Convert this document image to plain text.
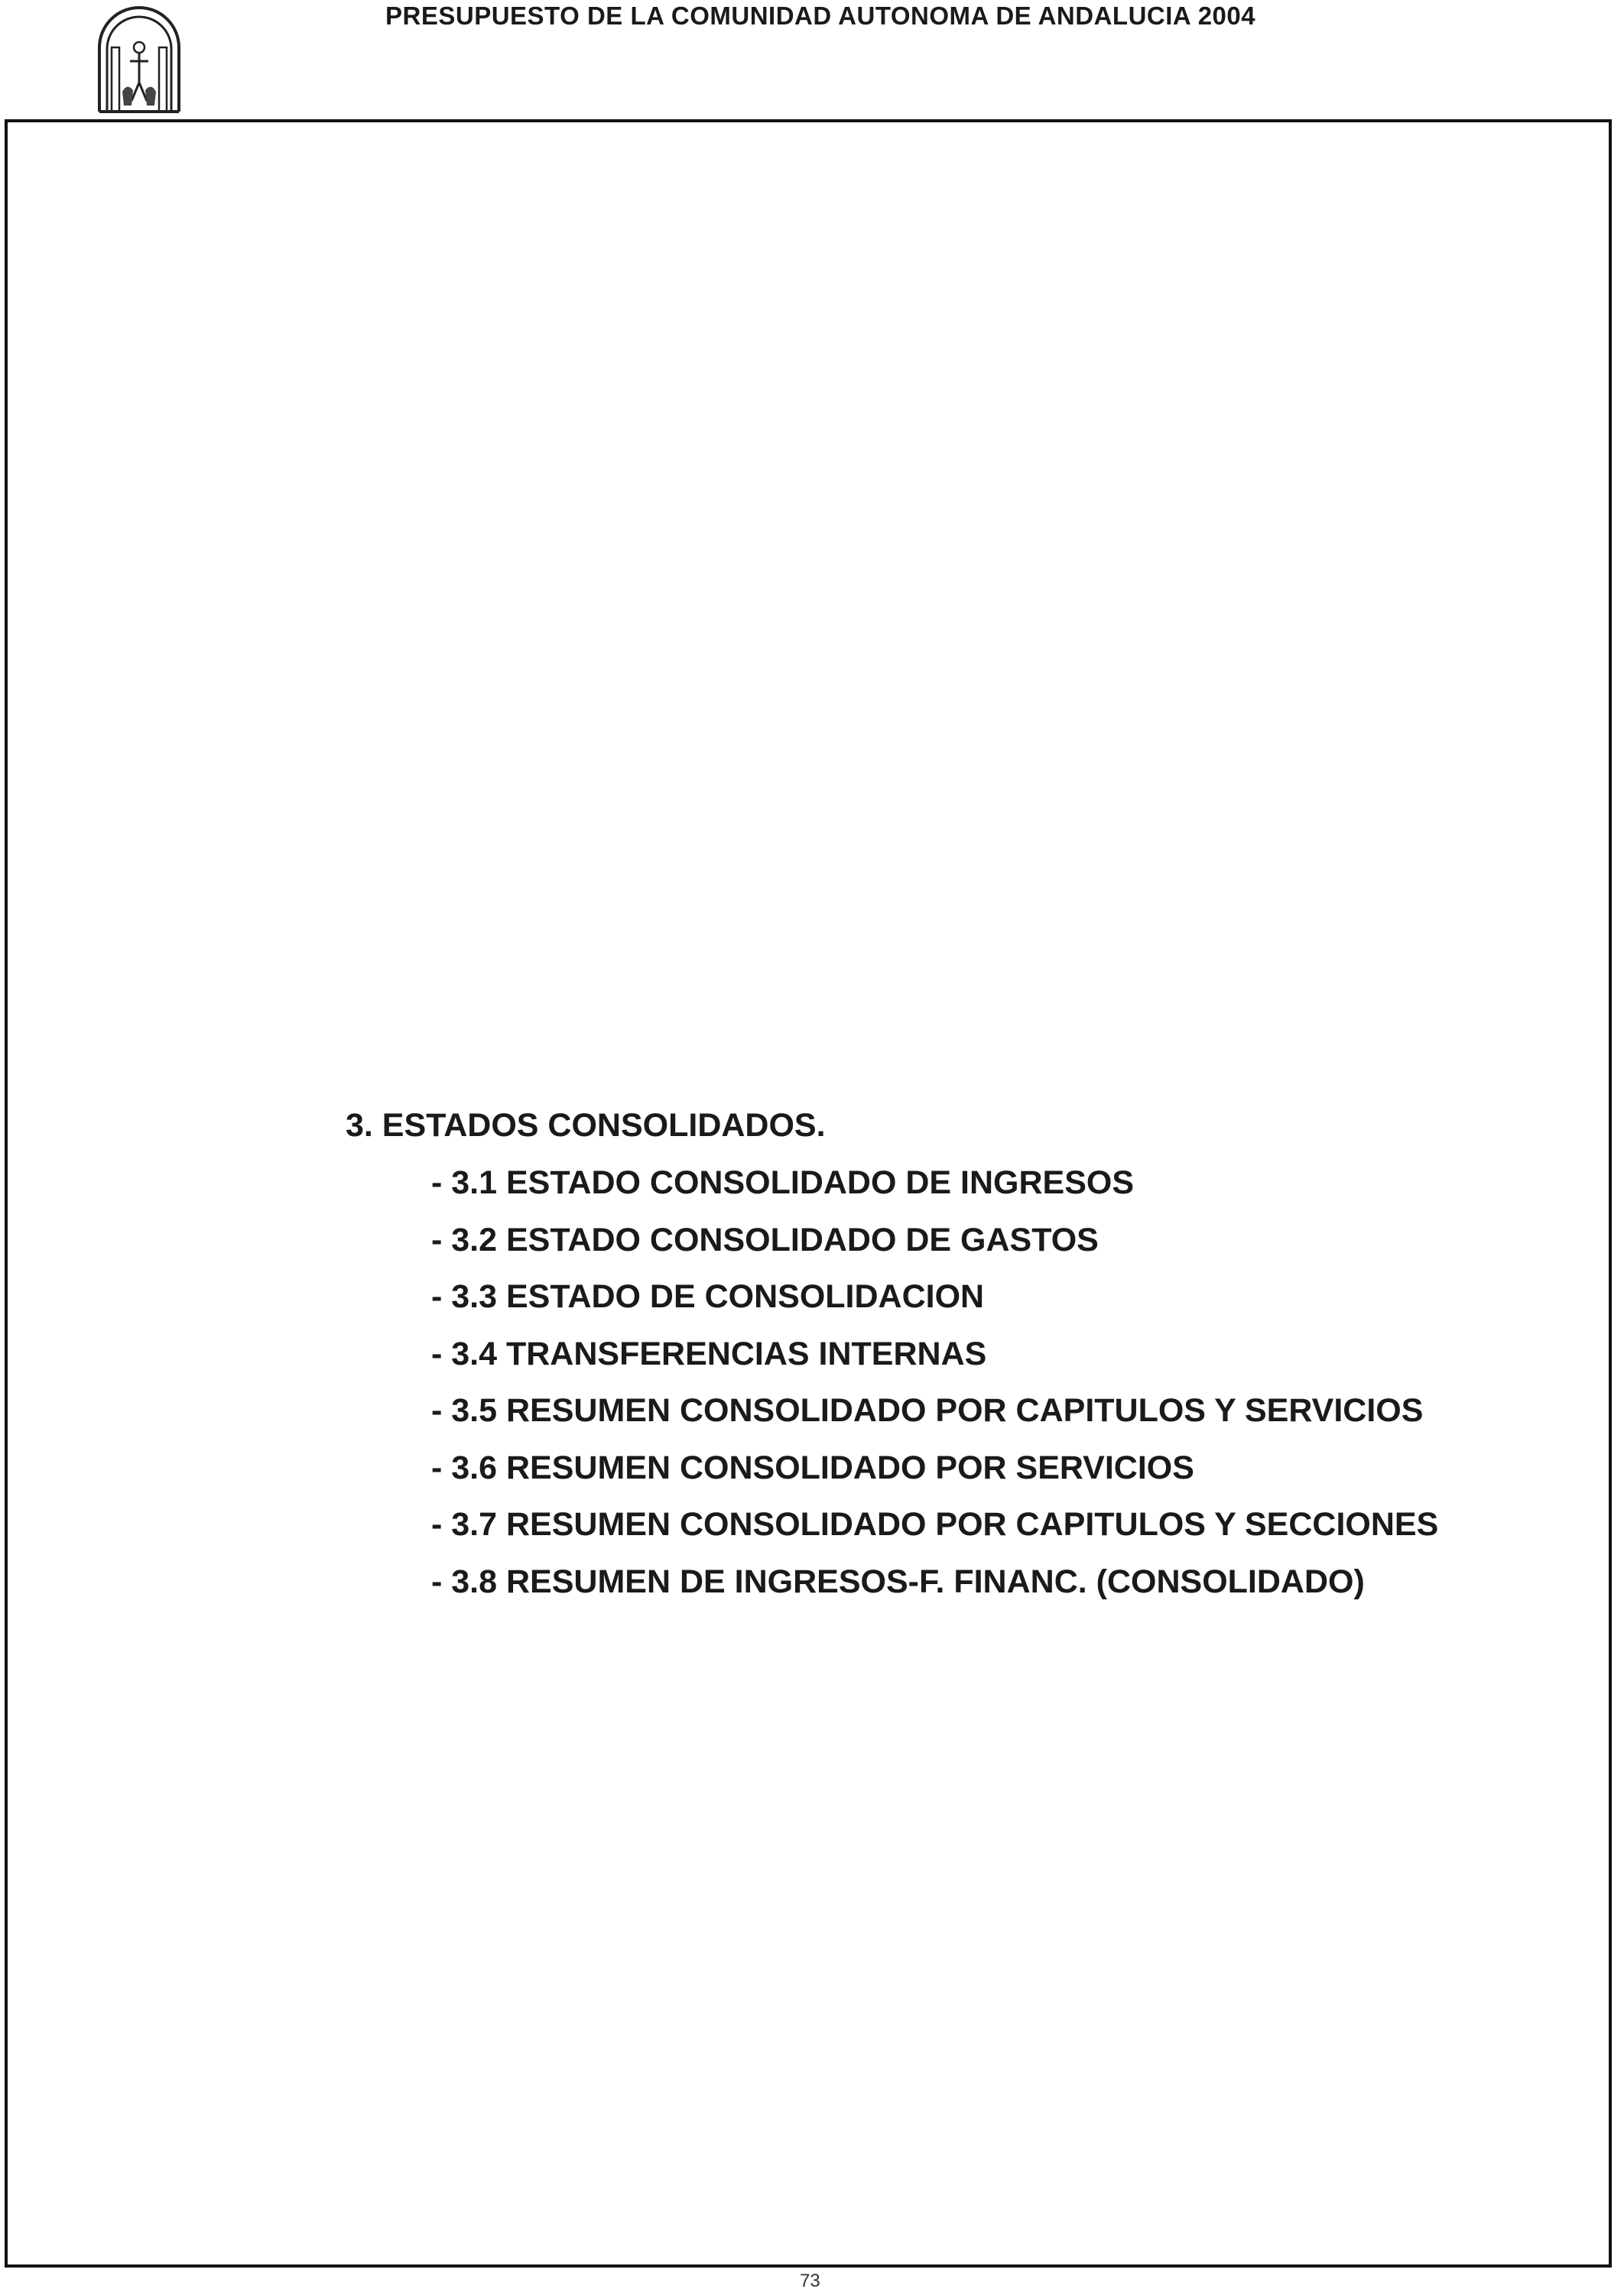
PRESUPUESTO DE LA COMUNIDAD AUTONOMA DE ANDALUCIA 2004
3. ESTADOS CONSOLIDADOS.
- 3.1 ESTADO CONSOLIDADO DE INGRESOS
- 3.2 ESTADO CONSOLIDADO DE GASTOS
- 3.3 ESTADO DE CONSOLIDACION
- 3.4 TRANSFERENCIAS INTERNAS
- 3.5 RESUMEN CONSOLIDADO POR CAPITULOS Y SERVICIOS
- 3.6 RESUMEN CONSOLIDADO POR SERVICIOS
- 3.7 RESUMEN CONSOLIDADO POR CAPITULOS Y SECCIONES
- 3.8 RESUMEN DE INGRESOS-F. FINANC. (CONSOLIDADO)
73
